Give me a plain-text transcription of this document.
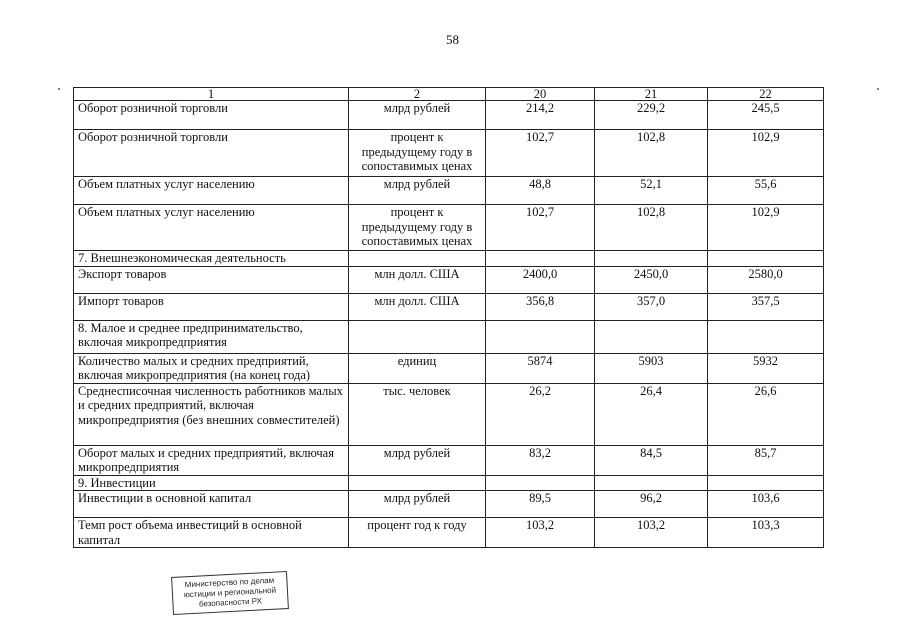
58
1	2	20	21	22
Оборот розничной торговли	млрд рублей	214,2	229,2	245,5
Оборот розничной торговли	процент к предыдущему году в сопоставимых ценах	102,7	102,8	102,9
Объем платных услуг населению	млрд рублей	48,8	52,1	55,6
Объем платных услуг населению	процент к предыдущему году в сопоставимых ценах	102,7	102,8	102,9
7. Внешнеэкономическая деятельность				
Экспорт товаров	млн долл. США	2400,0	2450,0	2580,0
Импорт товаров	млн долл. США	356,8	357,0	357,5
8. Малое и среднее предпринимательство, включая микропредприятия				
Количество малых и средних предприятий, включая микропредприятия (на конец года)	единиц	5874	5903	5932
Среднесписочная численность работников малых и средних предприятий, включая микропредприятия (без внешних совместителей)	тыс. человек	26,2	26,4	26,6
Оборот малых и средних предприятий, включая микропредприятия	млрд рублей	83,2	84,5	85,7
9. Инвестиции				
Инвестиции в основной капитал	млрд рублей	89,5	96,2	103,6
Темп рост объема инвестиций в основной капитал	процент год к году	103,2	103,2	103,3
Министерство по делам
юстиции и региональной
безопасности РХ
